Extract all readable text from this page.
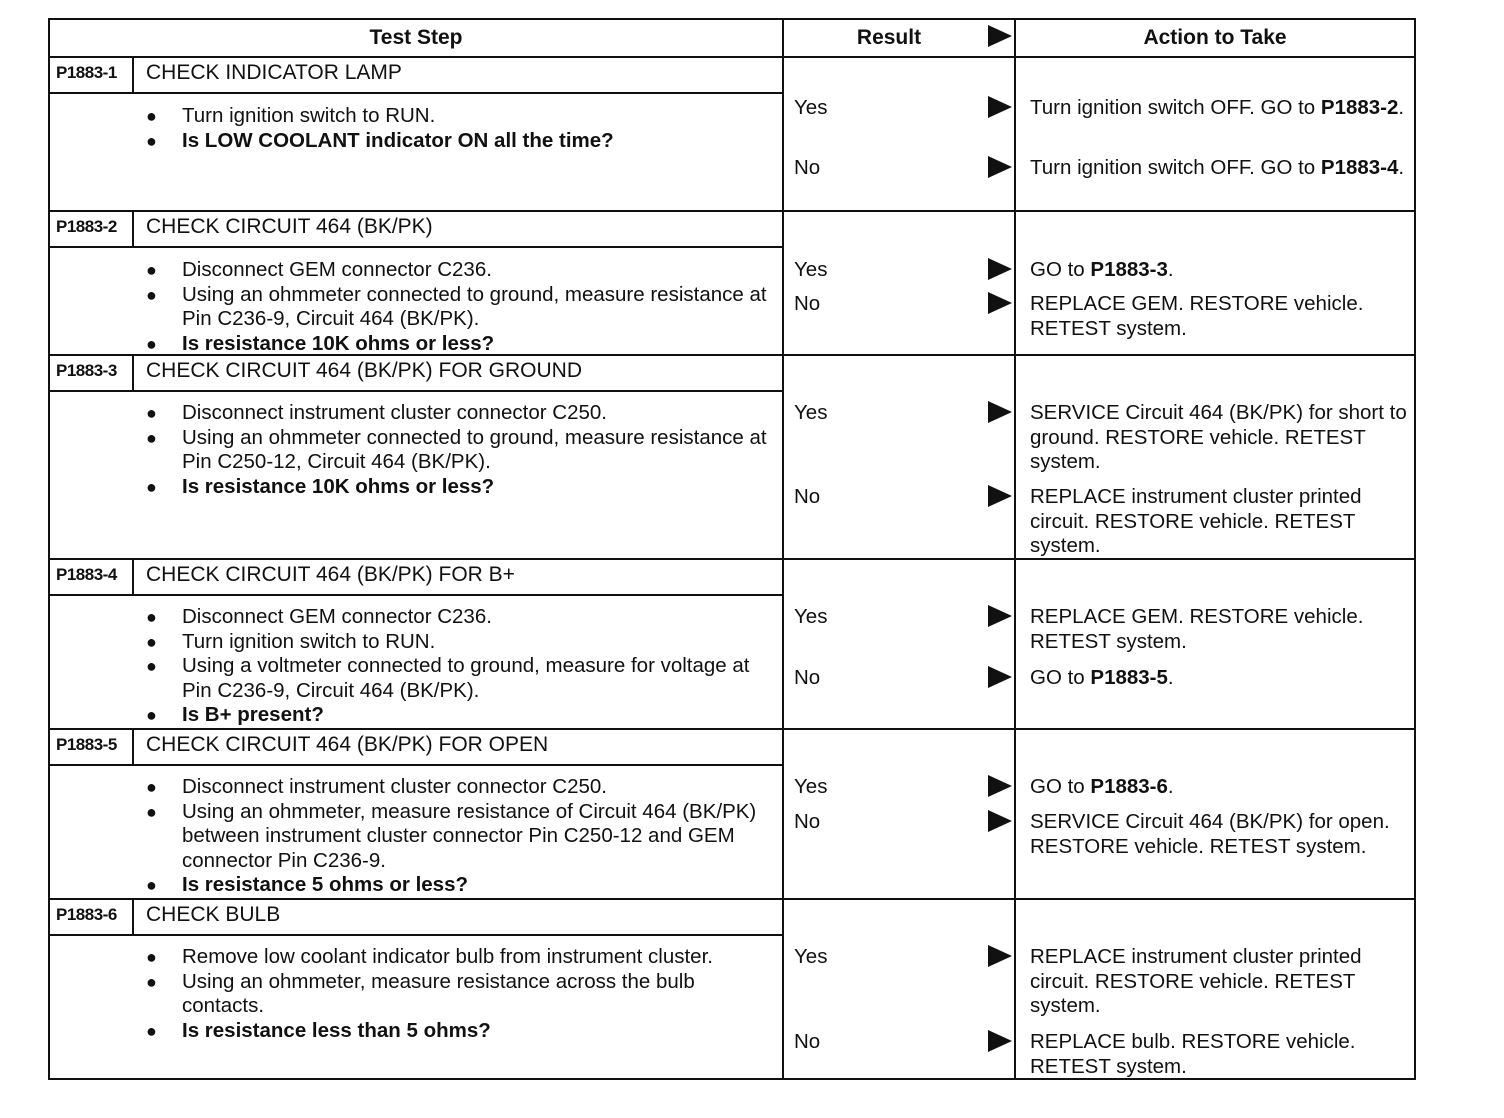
Test Step	Result	Action to Take
P1883-1	CHECK INDICATOR LAMP
● Turn ignition switch to RUN.
● Is LOW COOLANT indicator ON all the time?
Yes	Turn ignition switch OFF. GO to P1883-2.
No	Turn ignition switch OFF. GO to P1883-4.
P1883-2	CHECK CIRCUIT 464 (BK/PK)
● Disconnect GEM connector C236.
● Using an ohmmeter connected to ground, measure resistance at Pin C236-9, Circuit 464 (BK/PK).
● Is resistance 10K ohms or less?
Yes	GO to P1883-3.
No	REPLACE GEM. RESTORE vehicle. RETEST system.
P1883-3	CHECK CIRCUIT 464 (BK/PK) FOR GROUND
● Disconnect instrument cluster connector C250.
● Using an ohmmeter connected to ground, measure resistance at Pin C250-12, Circuit 464 (BK/PK).
● Is resistance 10K ohms or less?
Yes	SERVICE Circuit 464 (BK/PK) for short to ground. RESTORE vehicle. RETEST system.
No	REPLACE instrument cluster printed circuit. RESTORE vehicle. RETEST system.
P1883-4	CHECK CIRCUIT 464 (BK/PK) FOR B+
● Disconnect GEM connector C236.
● Turn ignition switch to RUN.
● Using a voltmeter connected to ground, measure for voltage at Pin C236-9, Circuit 464 (BK/PK).
● Is B+ present?
Yes	REPLACE GEM. RESTORE vehicle. RETEST system.
No	GO to P1883-5.
P1883-5	CHECK CIRCUIT 464 (BK/PK) FOR OPEN
● Disconnect instrument cluster connector C250.
● Using an ohmmeter, measure resistance of Circuit 464 (BK/PK) between instrument cluster connector Pin C250-12 and GEM connector Pin C236-9.
● Is resistance 5 ohms or less?
Yes	GO to P1883-6.
No	SERVICE Circuit 464 (BK/PK) for open. RESTORE vehicle. RETEST system.
P1883-6	CHECK BULB
● Remove low coolant indicator bulb from instrument cluster.
● Using an ohmmeter, measure resistance across the bulb contacts.
● Is resistance less than 5 ohms?
Yes	REPLACE instrument cluster printed circuit. RESTORE vehicle. RETEST system.
No	REPLACE bulb. RESTORE vehicle. RETEST system.
